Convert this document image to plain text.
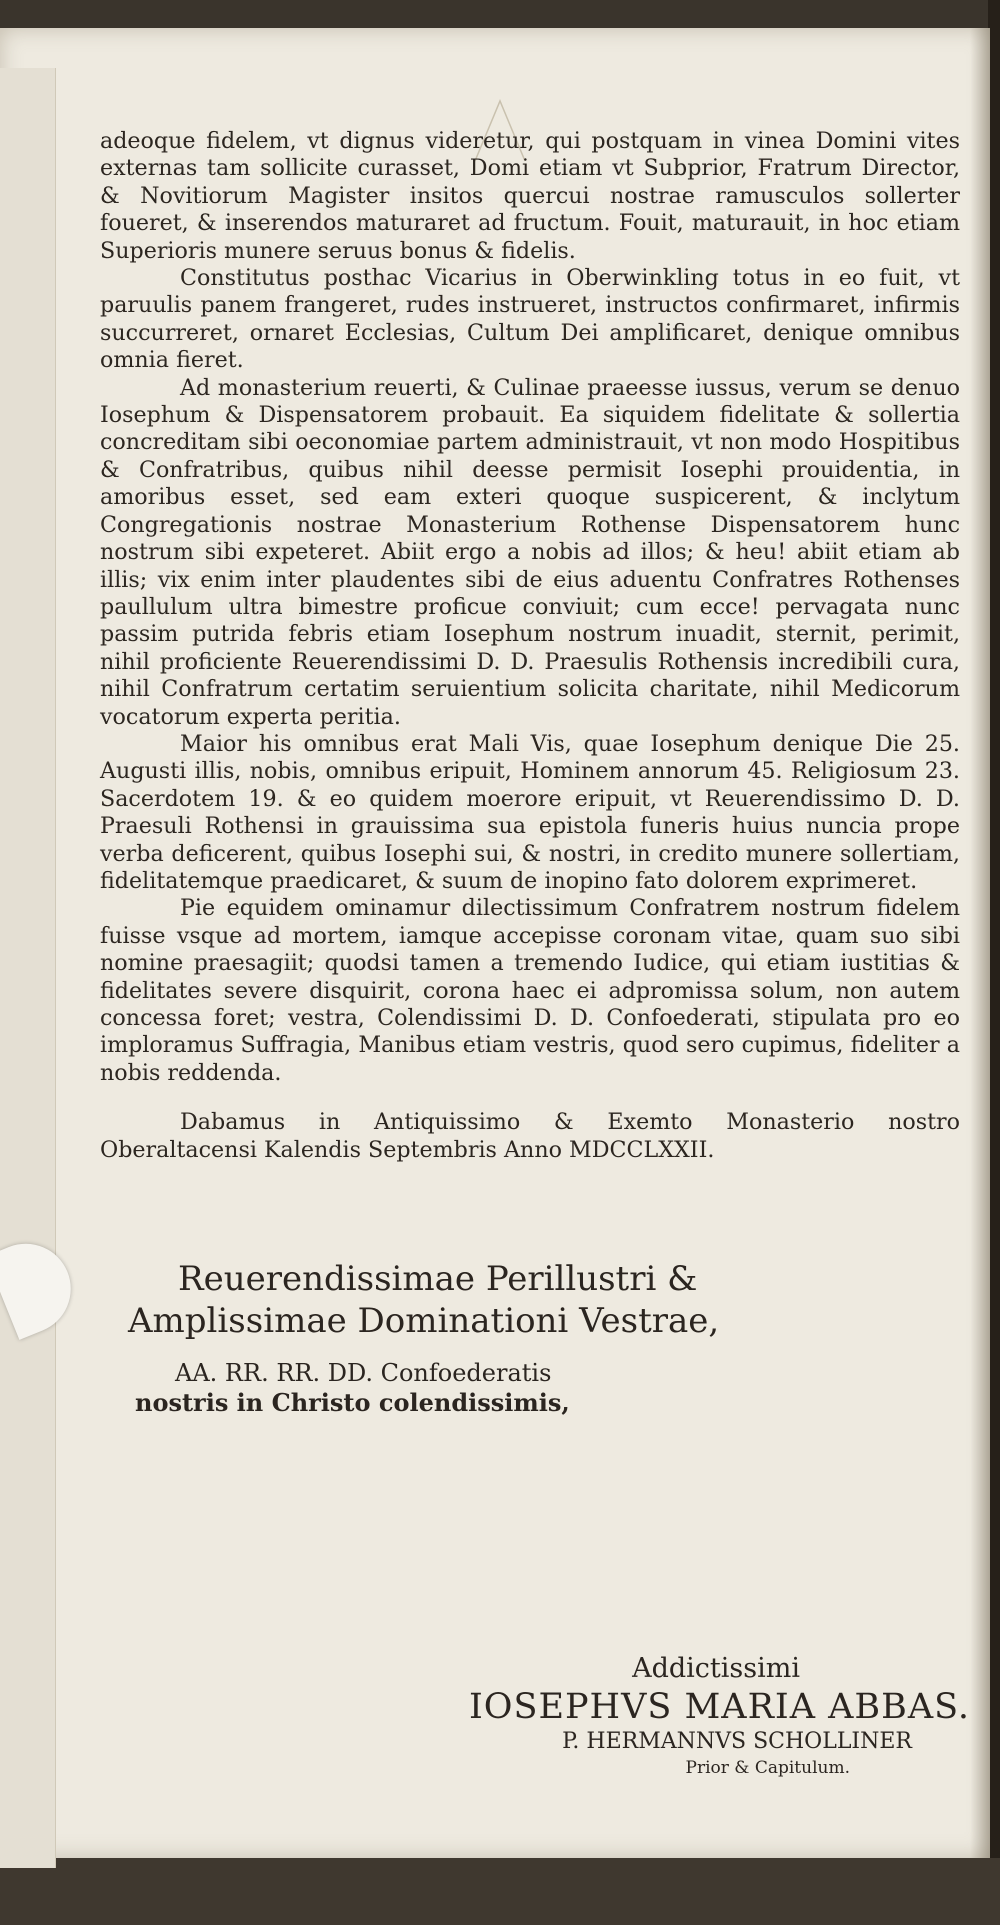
adeoque fidelem, vt dignus videretur, qui postquam in vinea Domini vites externas tam sollicite curasset, Domi etiam vt Subprior, Fratrum Director, & Novitiorum Magister insitos quercui nostrae ramusculos sollerter foueret, & inserendos maturaret ad fructum. Fouit, maturauit, in hoc etiam Superioris munere seruus bonus & fidelis.

Constitutus posthac Vicarius in Oberwinkling totus in eo fuit, vt paruulis panem frangeret, rudes instrueret, instructos confirmaret, infirmis succurreret, ornaret Ecclesias, Cultum Dei amplificaret, denique omnibus omnia fieret.

Ad monasterium reuerti, & Culinae praeesse iussus, verum se denuo Iosephum & Dispensatorem probauit. Ea siquidem fidelitate & sollertia concreditam sibi oeconomiae partem administrauit, vt non modo Hospitibus & Confratribus, quibus nihil deesse permisit Iosephi prouidentia, in amoribus esset, sed eam exteri quoque suspicerent, & inclytum Congregationis nostrae Monasterium Rothense Dispensatorem hunc nostrum sibi expeteret. Abiit ergo a nobis ad illos; & heu! abiit etiam ab illis; vix enim inter plaudentes sibi de eius aduentu Confratres Rothenses paullulum ultra bimestre proficue conviuit; cum ecce! pervagata nunc passim putrida febris etiam Iosephum nostrum inuadit, sternit, perimit, nihil proficiente Reuerendissimi D. D. Praesulis Rothensis incredibili cura, nihil Confratrum certatim seruientium solicita charitate, nihil Medicorum vocatorum experta peritia.

Maior his omnibus erat Mali Vis, quae Iosephum denique Die 25. Augusti illis, nobis, omnibus eripuit, Hominem annorum 45. Religiosum 23. Sacerdotem 19. & eo quidem moerore eripuit, vt Reuerendissimo D. D. Praesuli Rothensi in grauissima sua epistola funeris huius nuncia prope verba deficerent, quibus Iosephi sui, & nostri, in credito munere sollertiam, fidelitatemque praedicaret, & suum de inopino fato dolorem exprimeret.

Pie equidem ominamur dilectissimum Confratrem nostrum fidelem fuisse vsque ad mortem, iamque accepisse coronam vitae, quam suo sibi nomine praesagiit; quodsi tamen a tremendo Iudice, qui etiam iustitias & fidelitates severe disquirit, corona haec ei adpromissa solum, non autem concessa foret; vestra, Colendissimi D. D. Confoederati, stipulata pro eo imploramus Suffragia, Manibus etiam vestris, quod sero cupimus, fideliter a nobis reddenda.

Dabamus in Antiquissimo & Exemto Monasterio nostro Oberaltacensi Kalendis Septembris Anno MDCCLXXII.

Reuerendissimae Perillustri &
Amplissimae Dominationi Vestrae,
AA. RR. RR. DD. Confoederatis
nostris in Christo colendissimis,
Addictissimi
IOSEPHVS MARIA ABBAS.
P. HERMANNVS SCHOLLINER
Prior & Capitulum.
